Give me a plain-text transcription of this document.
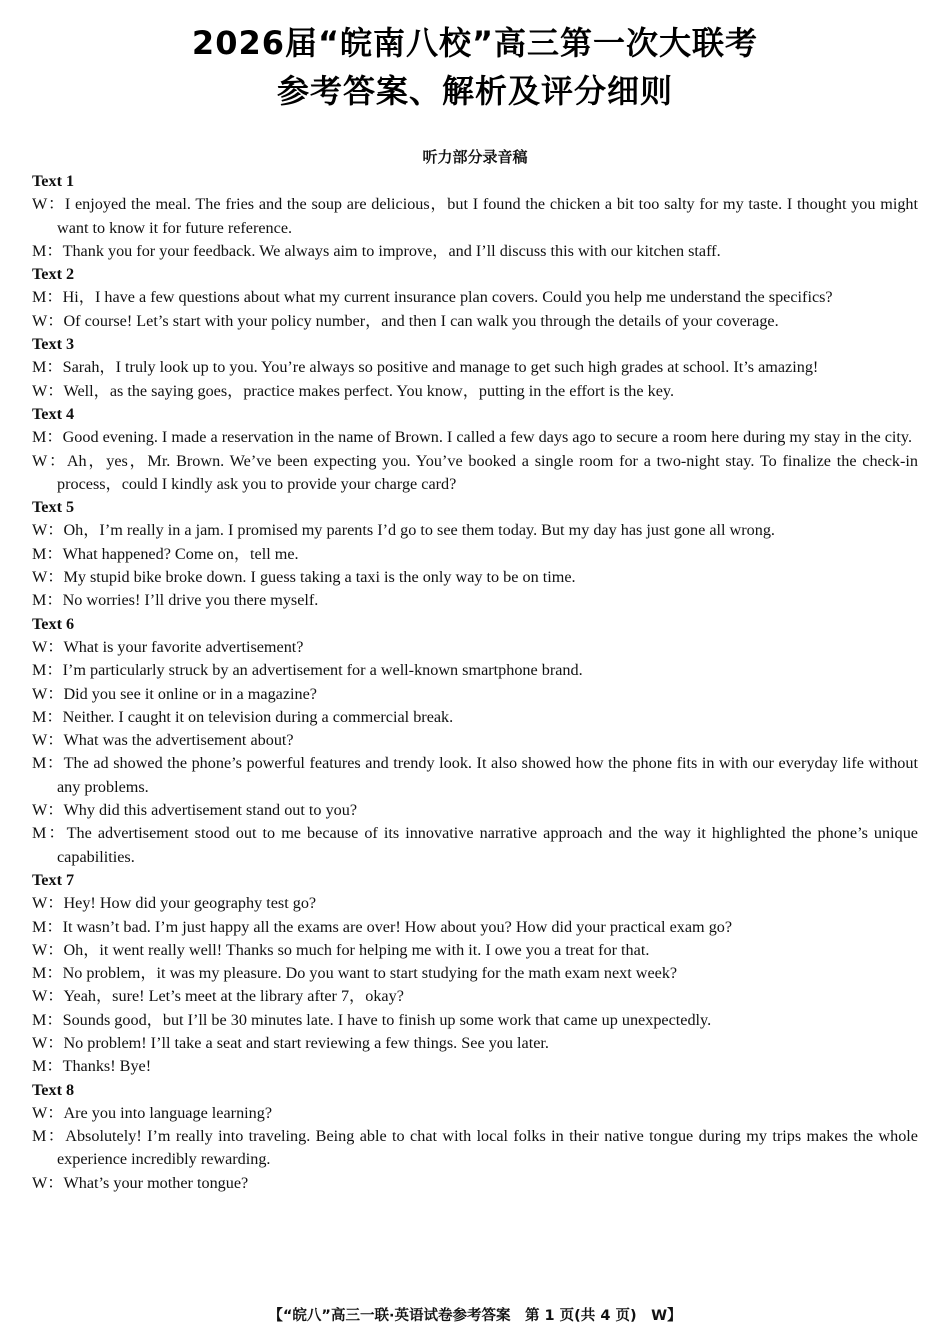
2026届“皖南八校”高三第一次大联考
参考答案、解析及评分细则
听力部分录音稿

Text 1

W：I enjoyed the meal. The fries and the soup are delicious，but I found the chicken a bit too salty for my taste. I thought you might want to know it for future reference.

M：Thank you for your feedback. We always aim to improve，and I’ll discuss this with our kitchen staff.

Text 2

M：Hi，I have a few questions about what my current insurance plan covers. Could you help me understand the specifics?

W：Of course! Let’s start with your policy number，and then I can walk you through the details of your coverage.

Text 3

M：Sarah，I truly look up to you. You’re always so positive and manage to get such high grades at school. It’s amazing!

W：Well，as the saying goes，practice makes perfect. You know，putting in the effort is the key.

Text 4

M：Good evening. I made a reservation in the name of Brown. I called a few days ago to secure a room here during my stay in the city.

W：Ah，yes，Mr. Brown. We’ve been expecting you. You’ve booked a single room for a two-night stay. To finalize the check-in process，could I kindly ask you to provide your charge card?

Text 5

W：Oh，I’m really in a jam. I promised my parents I’d go to see them today. But my day has just gone all wrong.

M：What happened? Come on，tell me.

W：My stupid bike broke down. I guess taking a taxi is the only way to be on time.

M：No worries! I’ll drive you there myself.

Text 6

W：What is your favorite advertisement?

M：I’m particularly struck by an advertisement for a well-known smartphone brand.

W：Did you see it online or in a magazine?

M：Neither. I caught it on television during a commercial break.

W：What was the advertisement about?

M：The ad showed the phone’s powerful features and trendy look. It also showed how the phone fits in with our everyday life without any problems.

W：Why did this advertisement stand out to you?

M：The advertisement stood out to me because of its innovative narrative approach and the way it highlighted the phone’s unique capabilities.

Text 7

W：Hey! How did your geography test go?

M：It wasn’t bad. I’m just happy all the exams are over! How about you? How did your practical exam go?

W：Oh，it went really well! Thanks so much for helping me with it. I owe you a treat for that.

M：No problem，it was my pleasure. Do you want to start studying for the math exam next week?

W：Yeah，sure! Let’s meet at the library after 7，okay?

M：Sounds good，but I’ll be 30 minutes late. I have to finish up some work that came up unexpectedly.

W：No problem! I’ll take a seat and start reviewing a few things. See you later.

M：Thanks! Bye!

Text 8

W：Are you into language learning?

M：Absolutely! I’m really into traveling. Being able to chat with local folks in their native tongue during my trips makes the whole experience incredibly rewarding.

W：What’s your mother tongue?

【“皖八”高三一联·英语试卷参考答案　第 1 页(共 4 页)　W】
